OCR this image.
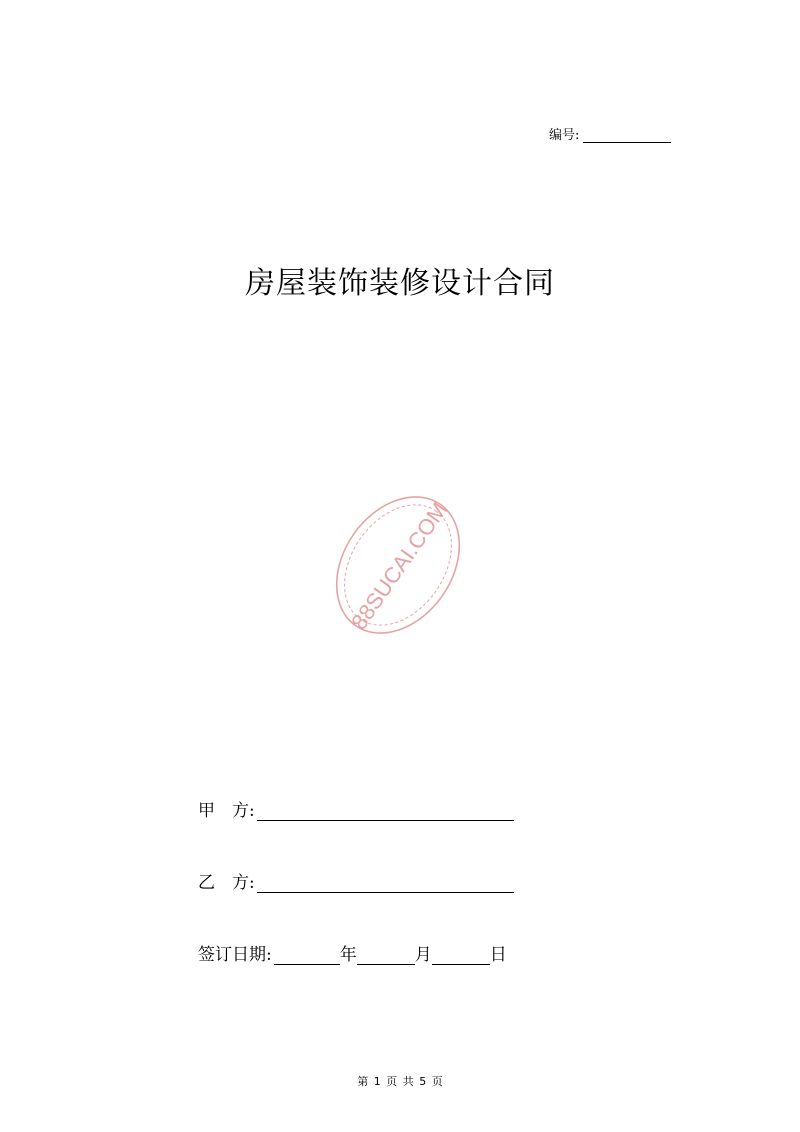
编号:
房屋装饰装修设计合同
88SUCAI.COM
甲　方:
乙　方:
签订日期:	年	月	日
第 1 页 共 5 页
